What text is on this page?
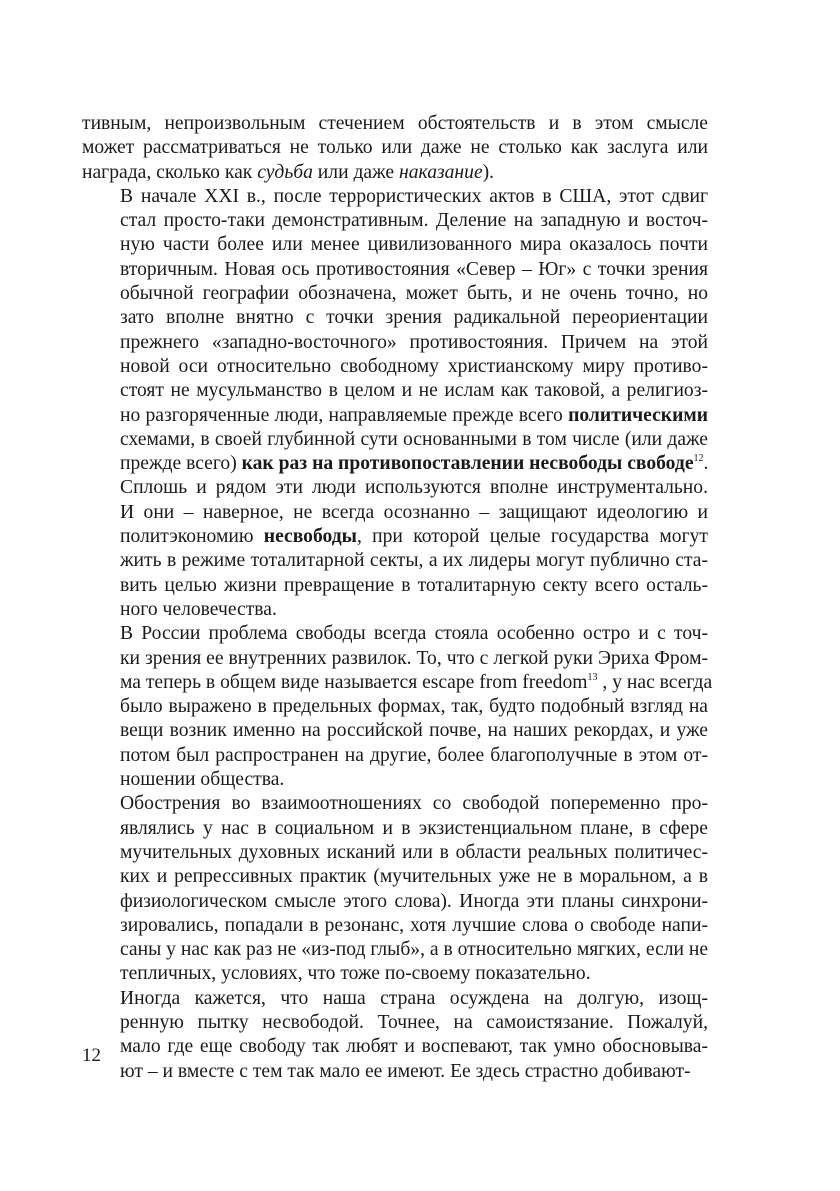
тивным, непроизвольным стечением обстоятельств и в этом смысле
может рассматриваться не только или даже не столько как заслуга или
награда, сколько как судьба или даже наказание).

В начале XXI в., после террористических актов в США, этот сдвиг
стал просто-таки демонстративным. Деление на западную и восточ-
ную части более или менее цивилизованного мира оказалось почти
вторичным. Новая ось противостояния «Север – Юг» с точки зрения
обычной географии обозначена, может быть, и не очень точно, но
зато вполне внятно с точки зрения радикальной переориентации
прежнего «западно-восточного» противостояния. Причем на этой
новой оси относительно свободному христианскому миру противо-
стоят не мусульманство в целом и не ислам как таковой, а религиоз-
но разгоряченные люди, направляемые прежде всего политическими
схемами, в своей глубинной сути основанными в том числе (или даже
прежде всего) как раз на противопоставлении несвободы свободе$^{12}$.
Сплошь и рядом эти люди используются вполне инструментально.
И они – наверное, не всегда осознанно – защищают идеологию и
политэкономию несвободы, при которой целые государства могут
жить в режиме тоталитарной секты, а их лидеры могут публично ста-
вить целью жизни превращение в тоталитарную секту всего осталь-
ного человечества.

В России проблема свободы всегда стояла особенно остро и с точ-
ки зрения ее внутренних развилок. То, что с легкой руки Эриха Фром-
ма теперь в общем виде называется escape from freedom$^{13}$ , у нас всегда
было выражено в предельных формах, так, будто подобный взгляд на
вещи возник именно на российской почве, на наших рекордах, и уже
потом был распространен на другие, более благополучные в этом от-
ношении общества.

Обострения во взаимоотношениях со свободой попеременно про-
являлись у нас в социальном и в экзистенциальном плане, в сфере
мучительных духовных исканий или в области реальных политичес-
ких и репрессивных практик (мучительных уже не в моральном, а в
физиологическом смысле этого слова). Иногда эти планы синхрони-
зировались, попадали в резонанс, хотя лучшие слова о свободе напи-
саны у нас как раз не «из-под глыб», а в относительно мягких, если не
тепличных, условиях, что тоже по-своему показательно.

Иногда кажется, что наша страна осуждена на долгую, изощ-
ренную пытку несвободой. Точнее, на самоистязание. Пожалуй,
мало где еще свободу так любят и воспевают, так умно обосновыва-
ют – и вместе с тем так мало ее имеют. Ее здесь страстно добивают-

12
